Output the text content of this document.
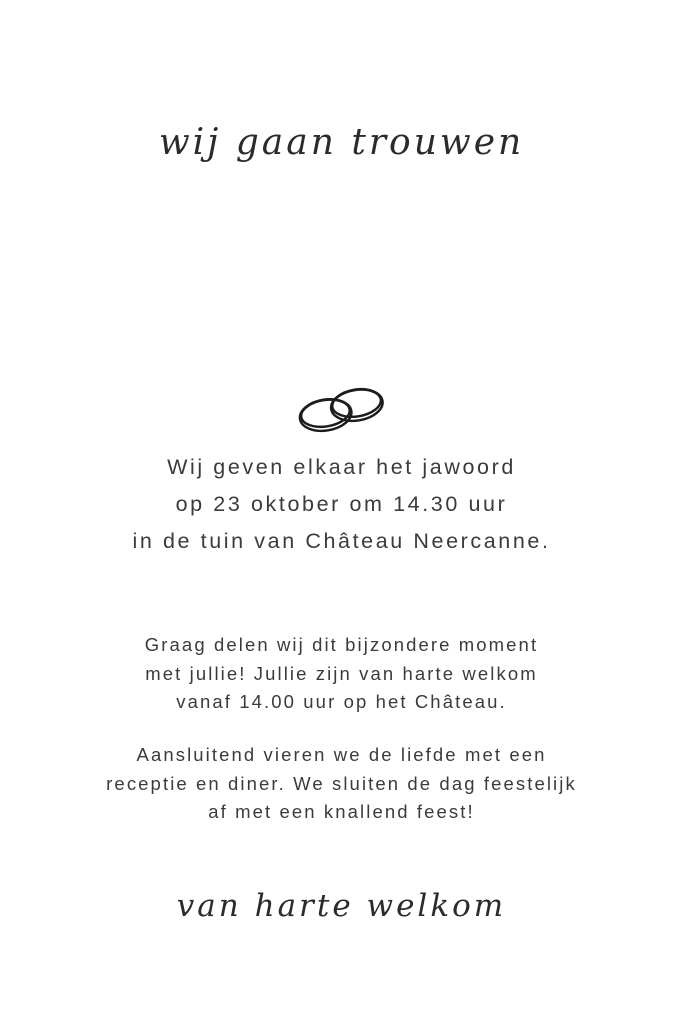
wij gaan trouwen
Wij geven elkaar het jawoord
op 23 oktober om 14.30 uur
in de tuin van Château Neercanne.
Graag delen wij dit bijzondere moment
met jullie! Jullie zijn van harte welkom
vanaf 14.00 uur op het Château.
Aansluitend vieren we de liefde met een
receptie en diner. We sluiten de dag feestelijk
af met een knallend feest!
van harte welkom
